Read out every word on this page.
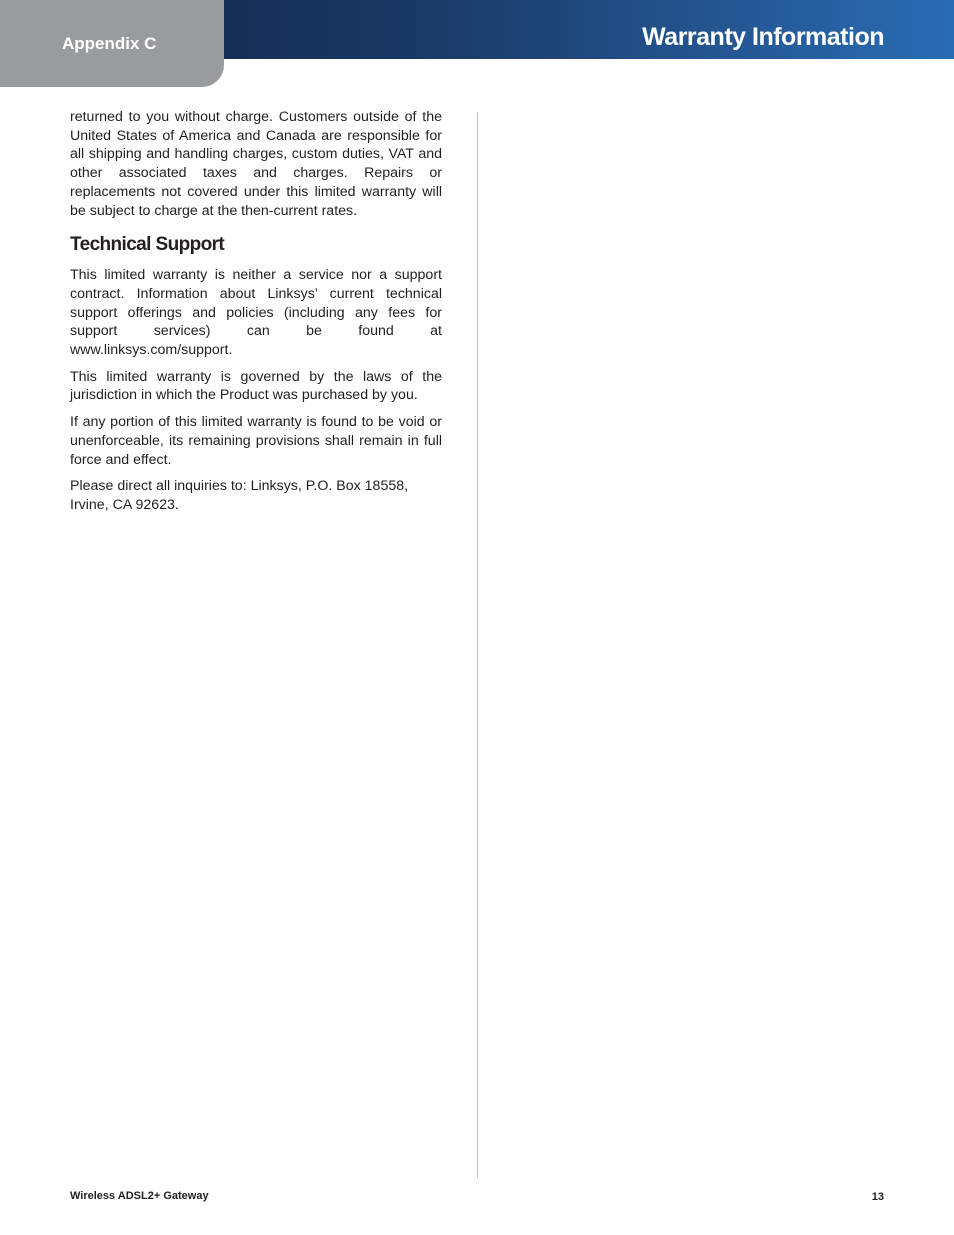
Appendix C	Warranty Information

returned to you without charge. Customers outside of the United States of America and Canada are responsible for all shipping and handling charges, custom duties, VAT and other associated taxes and charges. Repairs or replacements not covered under this limited warranty will be subject to charge at the then-current rates.

Technical Support

This limited warranty is neither a service nor a support contract. Information about Linksys’ current technical support offerings and policies (including any fees for support services) can be found at www.linksys.com/support.

This limited warranty is governed by the laws of the jurisdiction in which the Product was purchased by you.

If any portion of this limited warranty is found to be void or unenforceable, its remaining provisions shall remain in full force and effect.

Please direct all inquiries to: Linksys, P.O. Box 18558, Irvine, CA 92623.

Wireless ADSL2+ Gateway	13
